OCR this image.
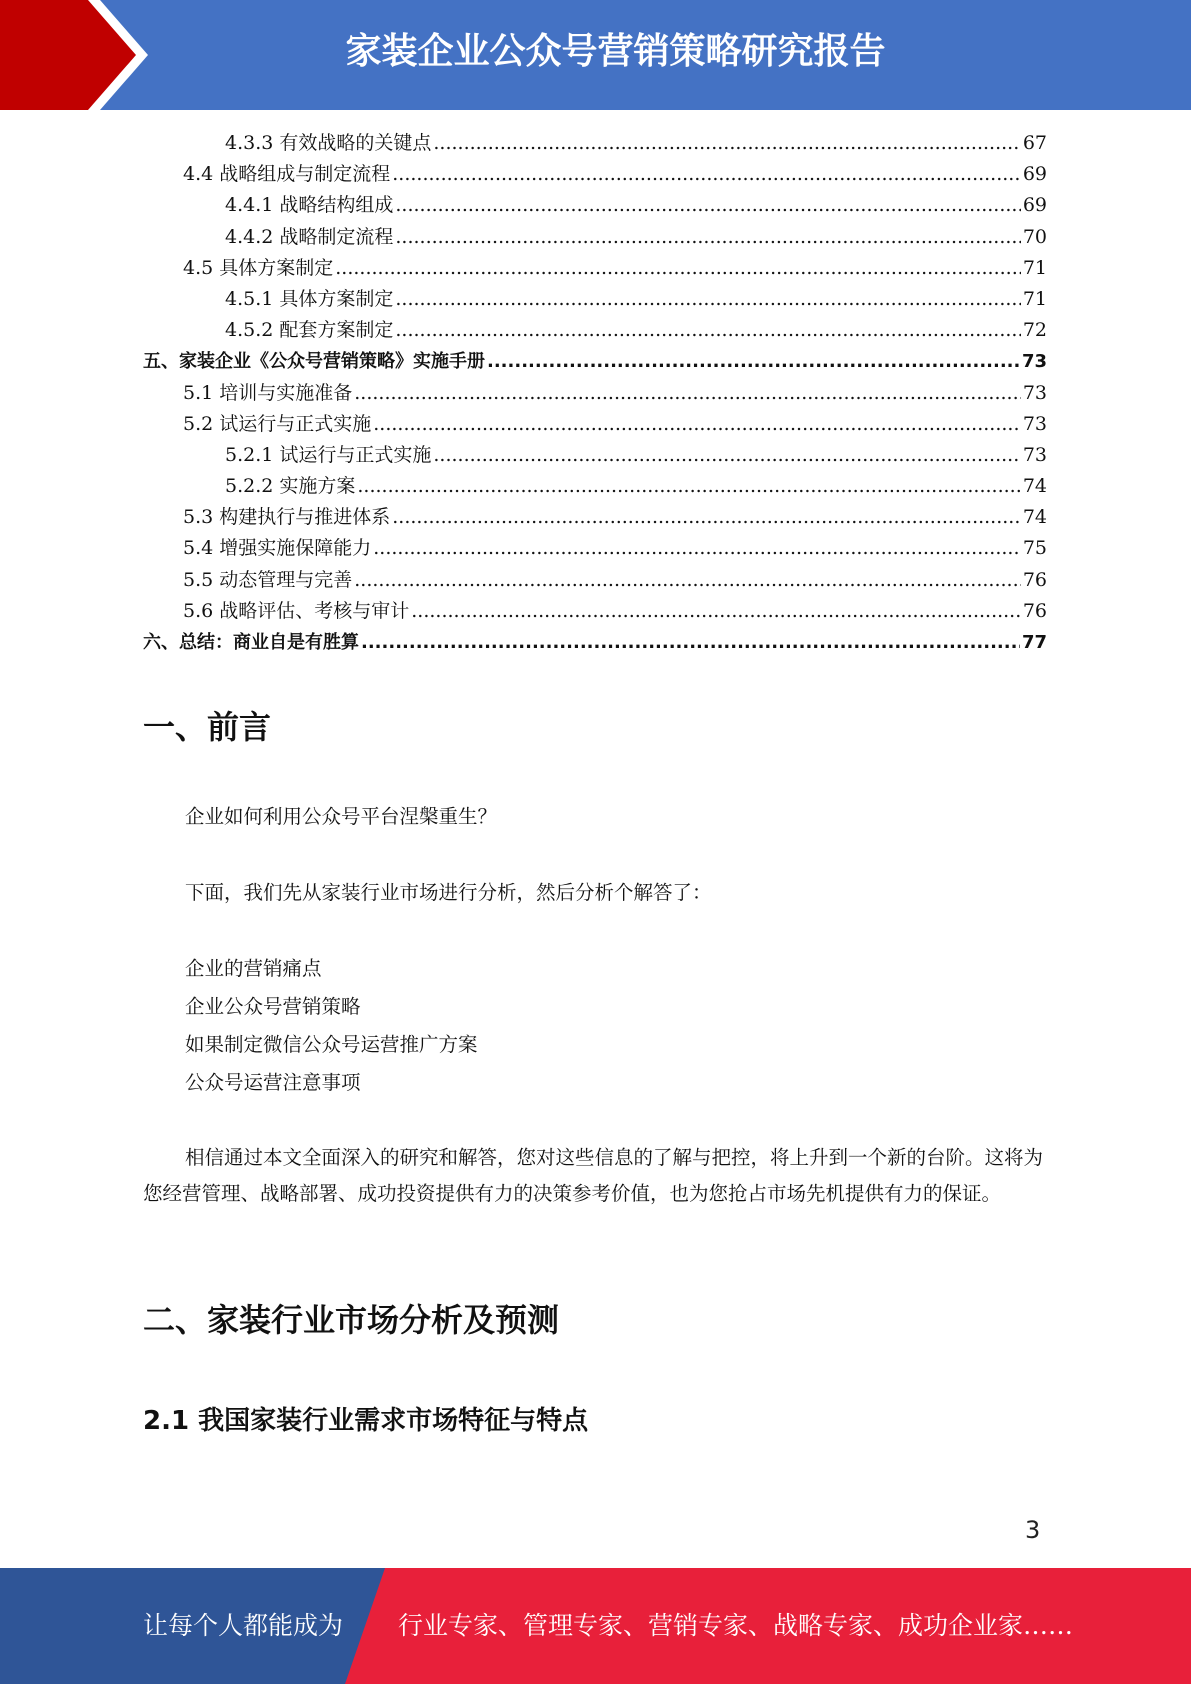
家装企业公众号营销策略研究报告
4.3.3 有效战略的关键点 .....	67
4.4 战略组成与制定流程 .....	69
4.4.1 战略结构组成 .....	69
4.4.2 战略制定流程 .....	70
4.5 具体方案制定 .....	71
4.5.1 具体方案制定 .....	71
4.5.2 配套方案制定 .....	72
五、家装企业《公众号营销策略》实施手册 .....	73
5.1 培训与实施准备 .....	73
5.2 试运行与正式实施 .....	73
5.2.1 试运行与正式实施 .....	73
5.2.2 实施方案 .....	74
5.3 构建执行与推进体系 .....	74
5.4 增强实施保障能力 .....	75
5.5 动态管理与完善 .....	76
5.6 战略评估、考核与审计 .....	76
六、总结：商业自是有胜算 .....	77
一、前言
企业如何利用公众号平台涅槃重生？
下面，我们先从家装行业市场进行分析，然后分析个解答了：
企业的营销痛点
企业公众号营销策略
如果制定微信公众号运营推广方案
公众号运营注意事项
相信通过本文全面深入的研究和解答，您对这些信息的了解与把控，将上升到一个新的台阶。这将为您经营管理、战略部署、成功投资提供有力的决策参考价值，也为您抢占市场先机提供有力的保证。
二、家装行业市场分析及预测
2.1 我国家装行业需求市场特征与特点
3
让每个人都能成为 行业专家、管理专家、营销专家、战略专家、成功企业家……
